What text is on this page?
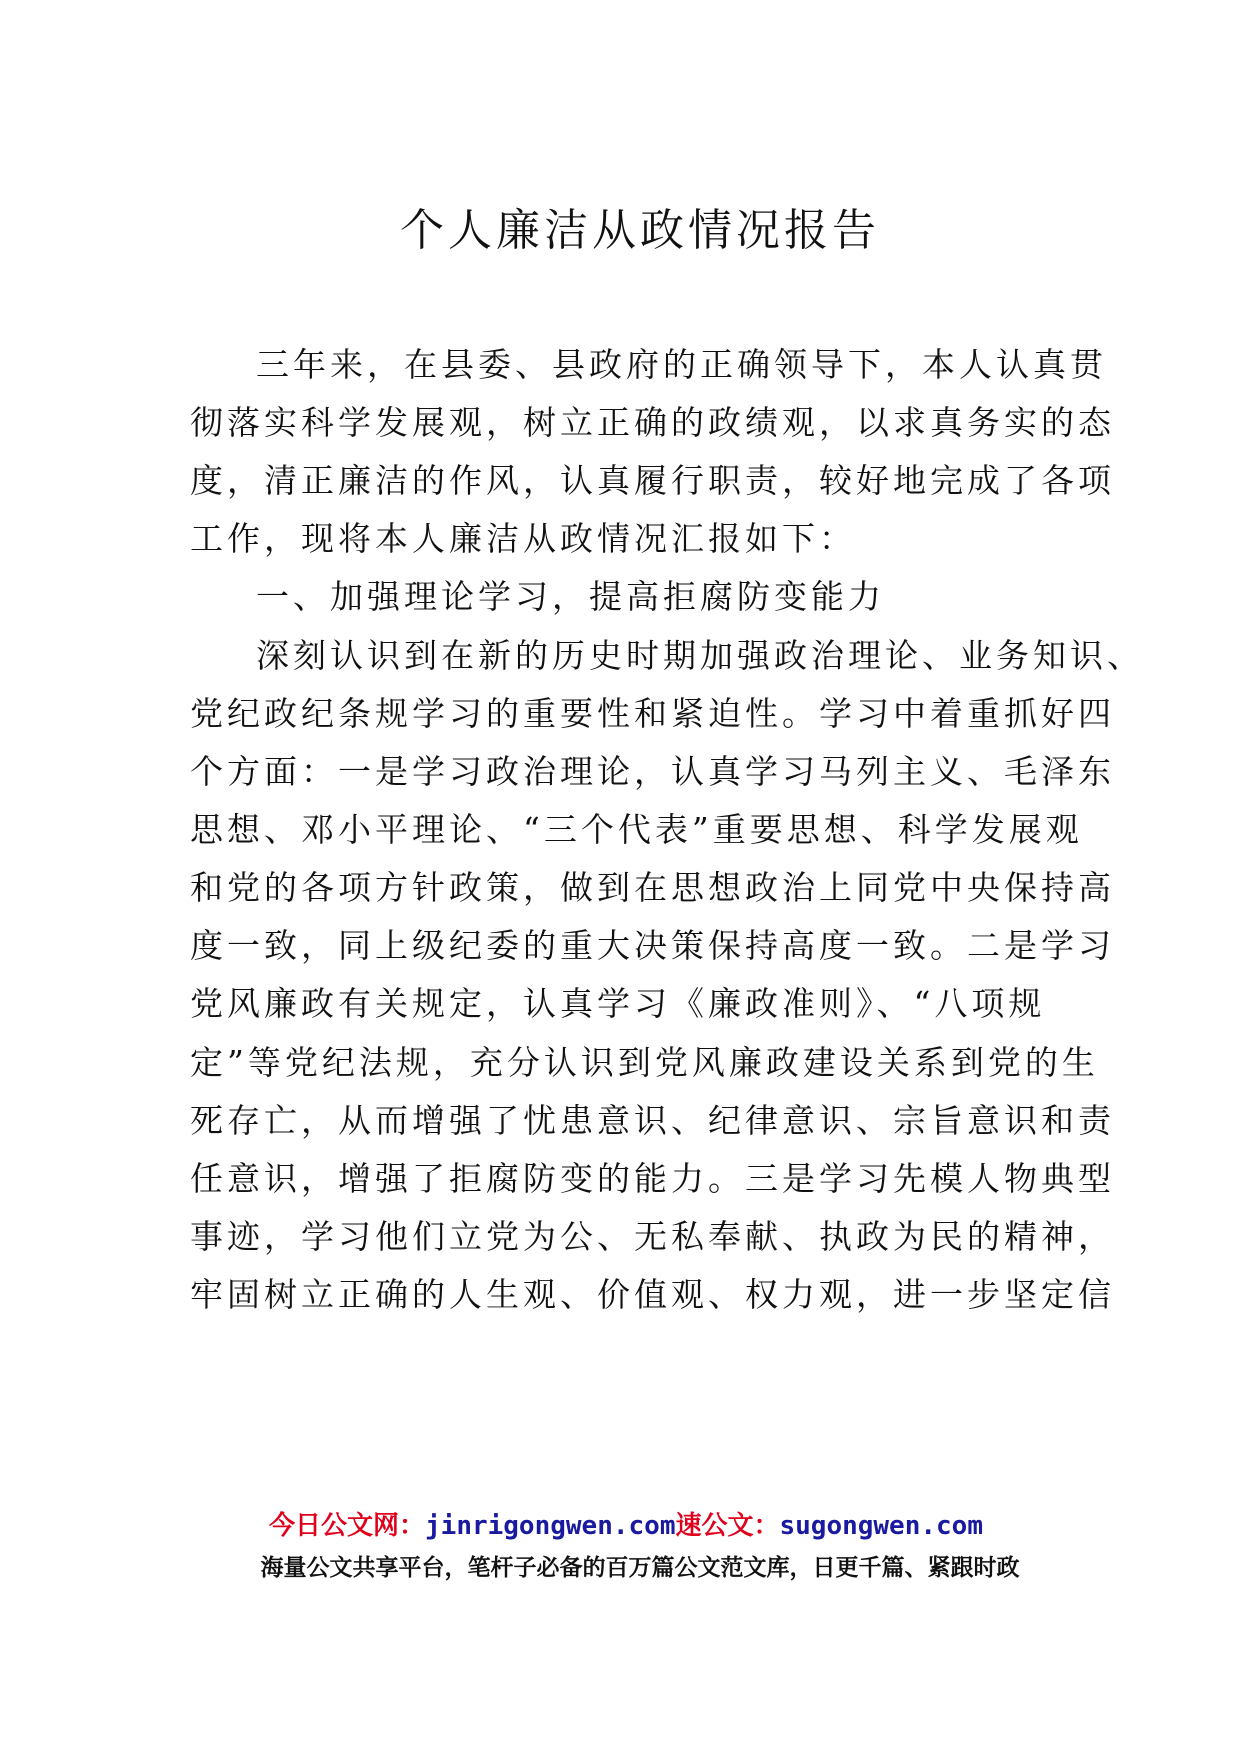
个人廉洁从政情况报告
三年来，在县委、县政府的正确领导下，本人认真贯
彻落实科学发展观，树立正确的政绩观，以求真务实的态
度，清正廉洁的作风，认真履行职责，较好地完成了各项
工作，现将本人廉洁从政情况汇报如下：
一、加强理论学习，提高拒腐防变能力
深刻认识到在新的历史时期加强政治理论、业务知识、
党纪政纪条规学习的重要性和紧迫性。学习中着重抓好四
个方面：一是学习政治理论，认真学习马列主义、毛泽东
思想、邓小平理论、“三个代表”重要思想、科学发展观
和党的各项方针政策，做到在思想政治上同党中央保持高
度一致，同上级纪委的重大决策保持高度一致。二是学习
党风廉政有关规定，认真学习《廉政准则》、“八项规
定”等党纪法规，充分认识到党风廉政建设关系到党的生
死存亡，从而增强了忧患意识、纪律意识、宗旨意识和责
任意识，增强了拒腐防变的能力。三是学习先模人物典型
事迹，学习他们立党为公、无私奉献、执政为民的精神，
牢固树立正确的人生观、价值观、权力观，进一步坚定信
今日公文网：jinrigongwen.com速公文：sugongwen.com
海量公文共享平台，笔杆子必备的百万篇公文范文库，日更千篇、紧跟时政
